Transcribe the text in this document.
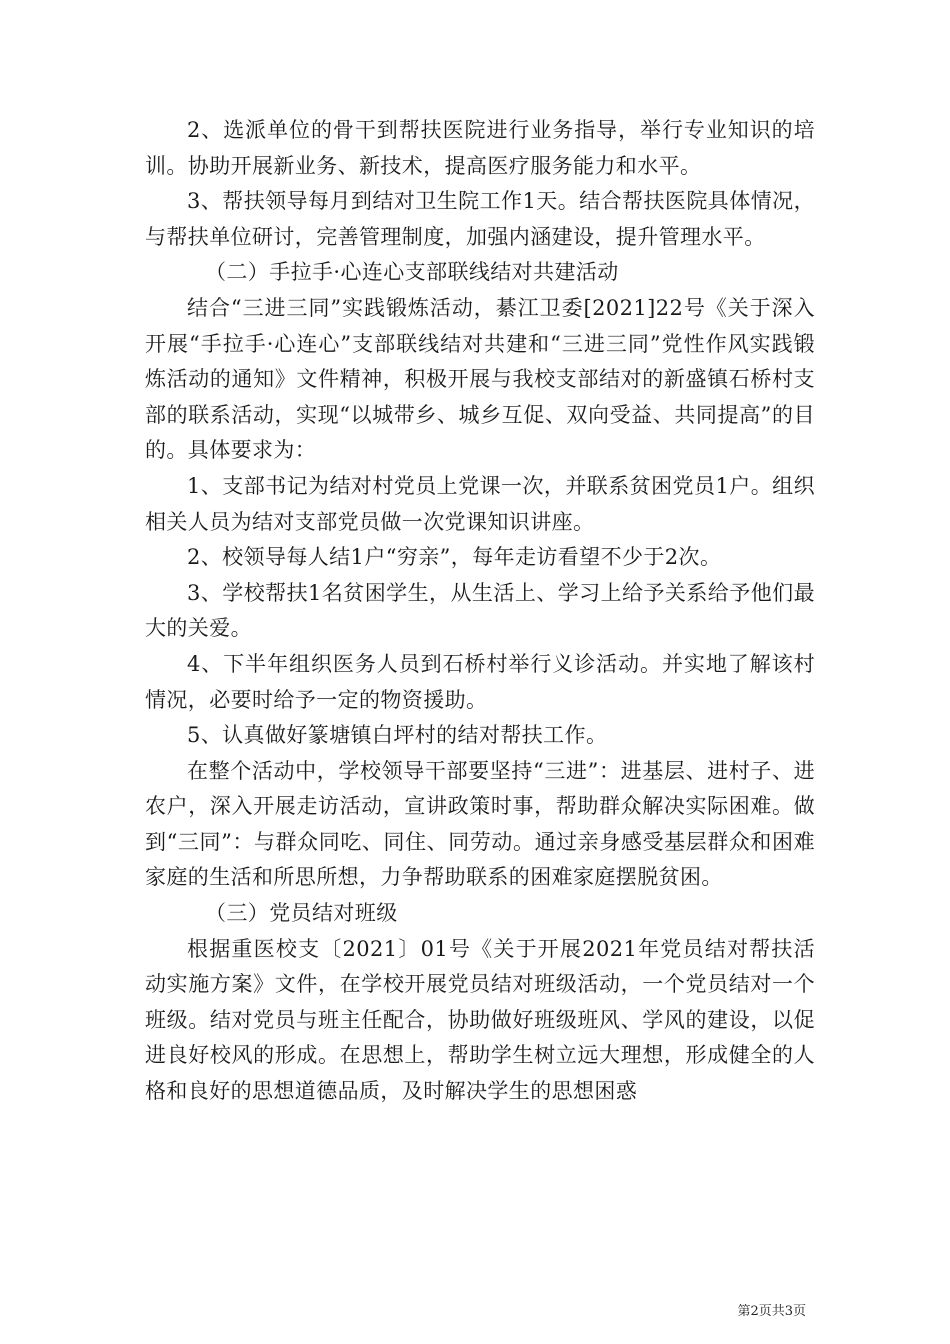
2、选派单位的骨干到帮扶医院进行业务指导，举行专业知识的培训。协助开展新业务、新技术，提高医疗服务能力和水平。

3、帮扶领导每月到结对卫生院工作1天。结合帮扶医院具体情况，与帮扶单位研讨，完善管理制度，加强内涵建设，提升管理水平。

（二）手拉手·心连心支部联线结对共建活动

结合“三进三同”实践锻炼活动，綦江卫委[2021]22号《关于深入开展“手拉手·心连心”支部联线结对共建和“三进三同”党性作风实践锻炼活动的通知》文件精神，积极开展与我校支部结对的新盛镇石桥村支部的联系活动，实现“以城带乡、城乡互促、双向受益、共同提高”的目的。具体要求为：

1、支部书记为结对村党员上党课一次，并联系贫困党员1户。组织相关人员为结对支部党员做一次党课知识讲座。

2、校领导每人结1户“穷亲”，每年走访看望不少于2次。

3、学校帮扶1名贫困学生，从生活上、学习上给予关系给予他们最大的关爱。

4、下半年组织医务人员到石桥村举行义诊活动。并实地了解该村情况，必要时给予一定的物资援助。

5、认真做好篆塘镇白坪村的结对帮扶工作。

在整个活动中，学校领导干部要坚持“三进”：进基层、进村子、进农户，深入开展走访活动，宣讲政策时事，帮助群众解决实际困难。做到“三同”：与群众同吃、同住、同劳动。通过亲身感受基层群众和困难家庭的生活和所思所想，力争帮助联系的困难家庭摆脱贫困。

（三）党员结对班级

根据重医校支〔2021〕01号《关于开展2021年党员结对帮扶活动实施方案》文件，在学校开展党员结对班级活动，一个党员结对一个班级。结对党员与班主任配合，协助做好班级班风、学风的建设，以促进良好校风的形成。在思想上，帮助学生树立远大理想，形成健全的人格和良好的思想道德品质，及时解决学生的思想困惑

第2页共3页
